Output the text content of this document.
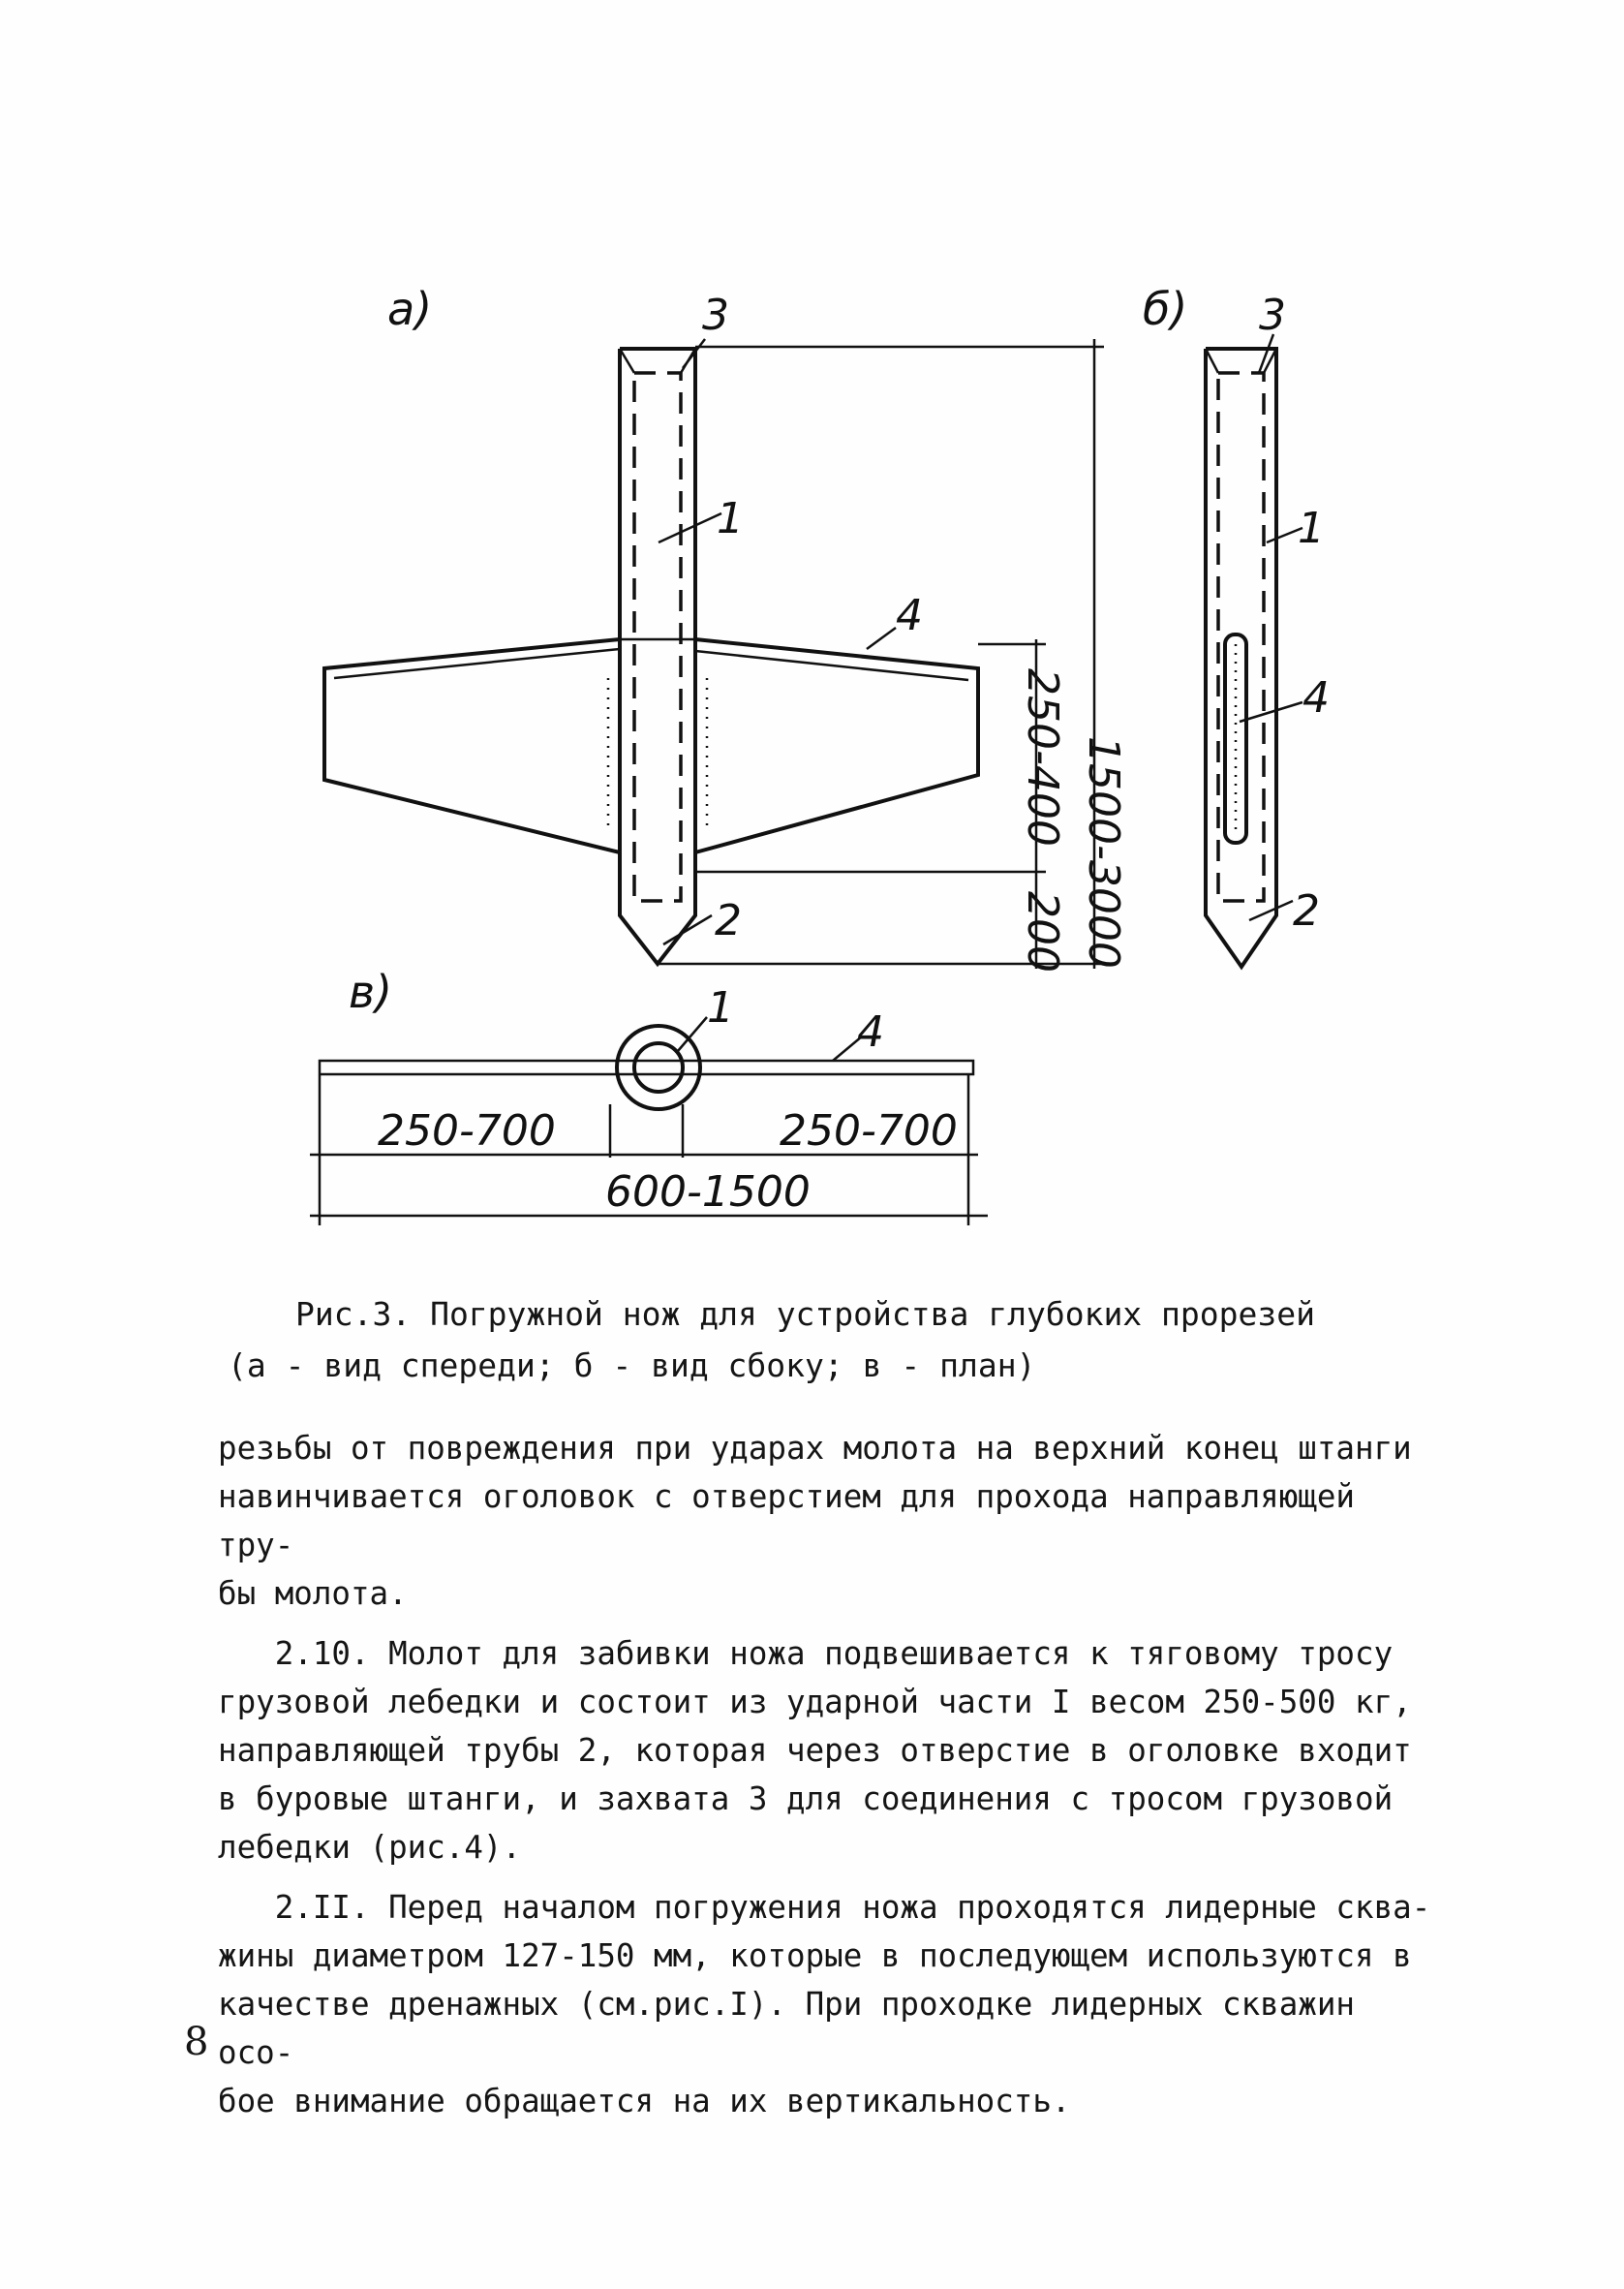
a)
1500-3000
250-400
200
3
1
4
2
б) 3
1
4
2
в)	1	4
250-700	250-700
600-1500
Рис.3. Погружной нож для устройства глубоких прорезей
(а - вид спереди; б - вид сбоку; в - план)

резьбы от повреждения при ударах молота на верхний конец штанги

навинчивается оголовок с отверстием для прохода направляющей тру-

бы молота.

2.10. Молот для забивки ножа подвешивается к тяговому тросу

грузовой лебедки и состоит из ударной части I весом 250-500 кг,

направляющей трубы 2, которая через отверстие в оголовке входит

в буровые штанги, и захвата 3 для соединения с тросом грузовой

лебедки (рис.4).

2.II. Перед началом погружения ножа проходятся лидерные сква-

жины диаметром 127-150 мм, которые в последующем используются в

качестве дренажных (см.рис.I). При проходке лидерных скважин осо-

бое внимание обращается на их вертикальность.

8
